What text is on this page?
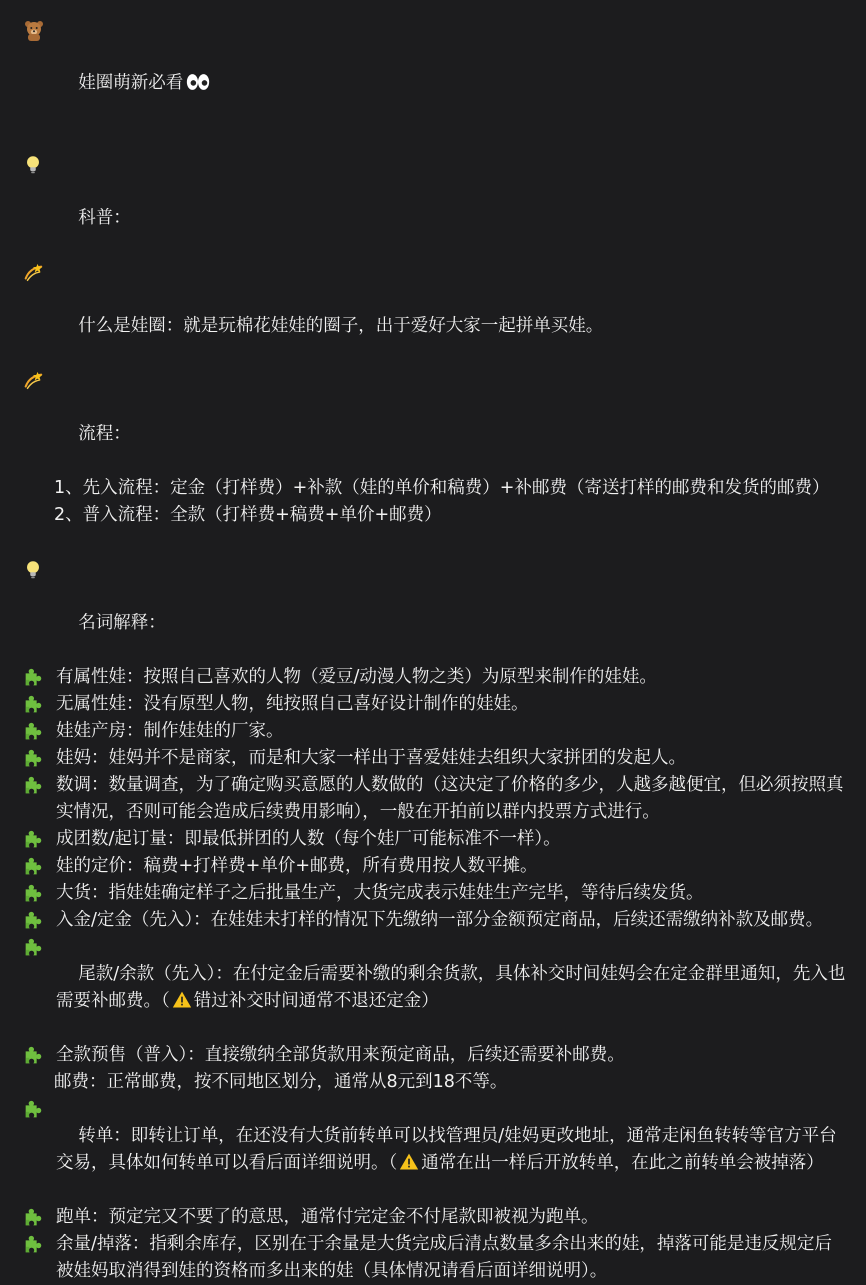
娃圈萌新必看

科普：

什么是娃圈：就是玩棉花娃娃的圈子，出于爱好大家一起拼单买娃。

流程：

1、先入流程：定金（打样费）+补款（娃的单价和稿费）+补邮费（寄送打样的邮费和发货的邮费）
2、普入流程：全款（打样费+稿费+单价+邮费）

名词解释：

有属性娃：按照自己喜欢的人物（爱豆/动漫人物之类）为原型来制作的娃娃。
无属性娃：没有原型人物，纯按照自己喜好设计制作的娃娃。
娃娃产房：制作娃娃的厂家。
娃妈：娃妈并不是商家，而是和大家一样出于喜爱娃娃去组织大家拼团的发起人。
数调：数量调查，为了确定购买意愿的人数做的（这决定了价格的多少，人越多越便宜，但必须按照真实情况，否则可能会造成后续费用影响），一般在开拍前以群内投票方式进行。
成团数/起订量：即最低拼团的人数（每个娃厂可能标准不一样）。
娃的定价：稿费+打样费+单价+邮费，所有费用按人数平摊。
大货：指娃娃确定样子之后批量生产，大货完成表示娃娃生产完毕，等待后续发货。
入金/定金（先入）：在娃娃未打样的情况下先缴纳一部分金额预定商品，后续还需缴纳补款及邮费。

尾款/余款（先入）：在付定金后需要补缴的剩余货款，具体补交时间娃妈会在定金群里通知，先入也需要补邮费。（ 错过补交时间通常不退还定金）

全款预售（普入）：直接缴纳全部货款用来预定商品，后续还需要补邮费。
邮费：正常邮费，按不同地区划分，通常从8元到18不等。

转单：即转让订单，在还没有大货前转单可以找管理员/娃妈更改地址，通常走闲鱼转转等官方平台交易，具体如何转单可以看后面详细说明。（ 通常在出一样后开放转单，在此之前转单会被掉落）

跑单：预定完又不要了的意思，通常付完定金不付尾款即被视为跑单。
余量/掉落：指剩余库存，区别在于余量是大货完成后清点数量多余出来的娃，掉落可能是违反规定后被娃妈取消得到娃的资格而多出来的娃（具体情况请看后面详细说明）。
